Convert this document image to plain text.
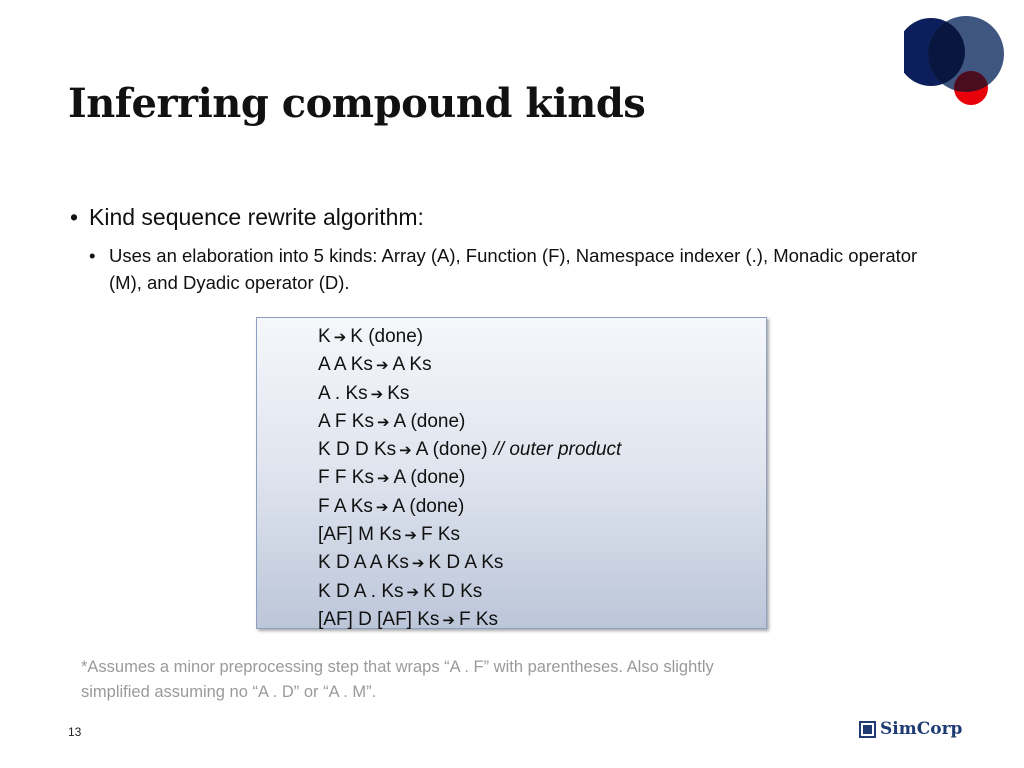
Inferring compound kinds
• Kind sequence rewrite algorithm:
• Uses an elaboration into 5 kinds: Array (A), Function (F), Namespace indexer (.), Monadic operator (M), and Dyadic operator (D).
K ➔ K (done)
A A Ks ➔ A Ks
A . Ks ➔ Ks
A F Ks ➔ A (done)
K D D Ks ➔ A (done) // outer product
F F Ks ➔ A (done)
F A Ks ➔ A (done)
[AF] M Ks ➔ F Ks
K D A A Ks ➔ K D A Ks
K D A . Ks ➔ K D Ks
[AF] D [AF] Ks ➔ F Ks
*Assumes a minor preprocessing step that wraps “A . F” with parentheses. Also slightly simplified assuming no “A . D” or “A . M”.
13	SimCorp
